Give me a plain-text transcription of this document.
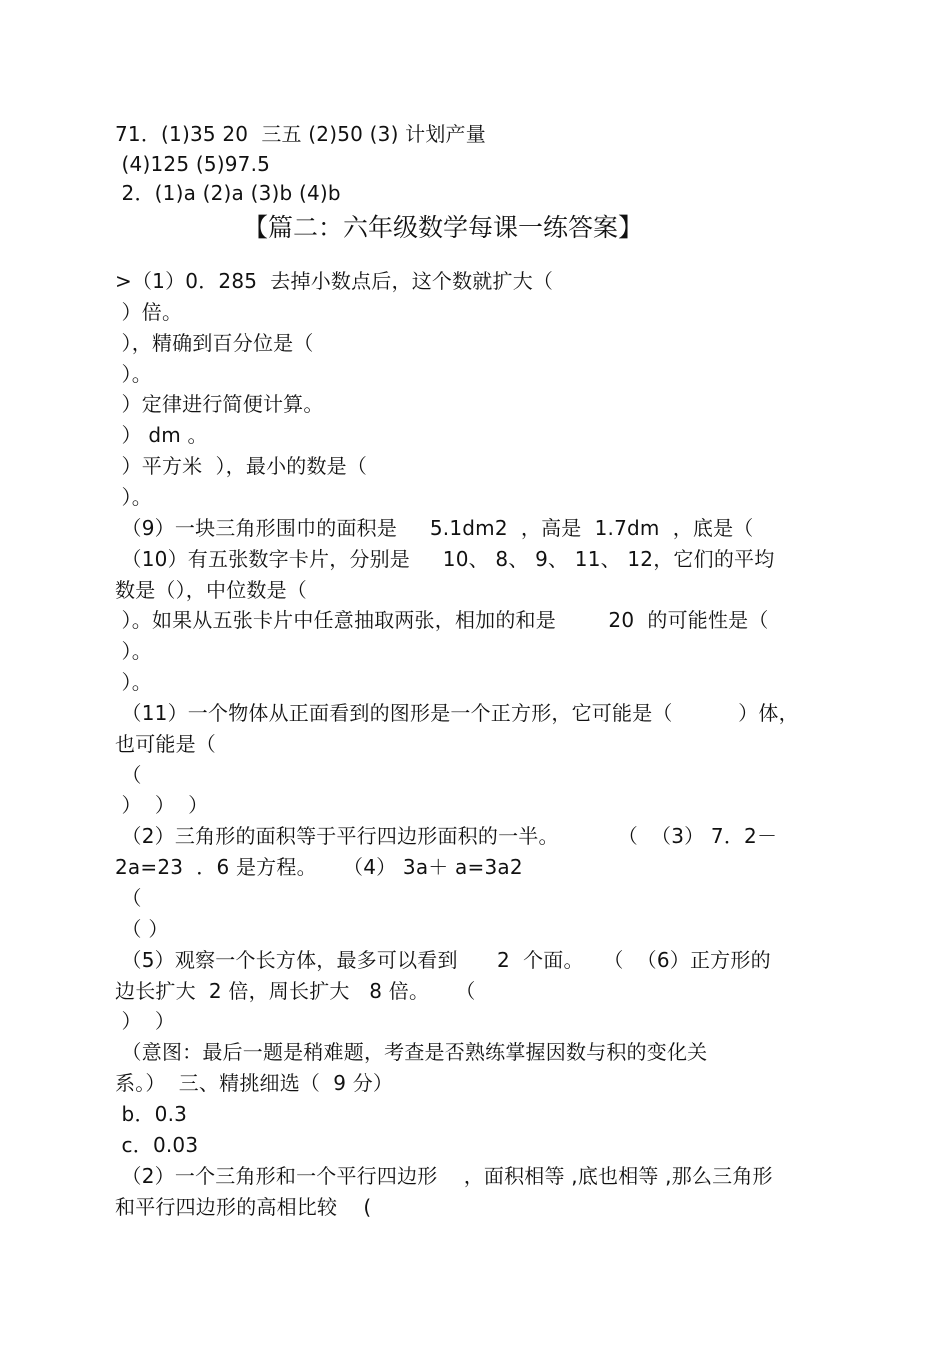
71．(1)35 20  三五 (2)50 (3) 计划产量
(4)125 (5)97.5
2．(1)a (2)a (3)b (4)b
【篇二：六年级数学每课一练答案】
>（1）0．285  去掉小数点后，这个数就扩大（
）倍。
），精确到百分位是（
）。
）定律进行简便计算。
） dm 。
）平方米  ），最小的数是（
）。
（9）一块三角形围巾的面积是     5.1dm2  ，高是  1.7dm  ，底是（
（10）有五张数字卡片，分别是     10、 8、 9、 11、 12，它们的平均
数是（），中位数是（
）。如果从五张卡片中任意抽取两张，相加的和是        20  的可能性是（
）。
）。
（11）一个物体从正面看到的图形是一个正方形，它可能是（          ）体，
也可能是（
（
）  ）  ）
（2）三角形的面积等于平行四边形面积的一半。         （  （3） 7．2－
2a=23  ．6 是方程。    （4） 3a＋ a=3a2
（
（ ）
（5）观察一个长方体，最多可以看到      2  个面。   （  （6）正方形的
边长扩大  2 倍，周长扩大   8 倍。    （
）  ）
（意图：最后一题是稍难题，考查是否熟练掌握因数与积的变化关
系。）  三、精挑细选（  9 分）
b．0.3
c．0.03
（2）一个三角形和一个平行四边形    ，面积相等 ,底也相等 ,那么三角形
和平行四边形的高相比较    (
